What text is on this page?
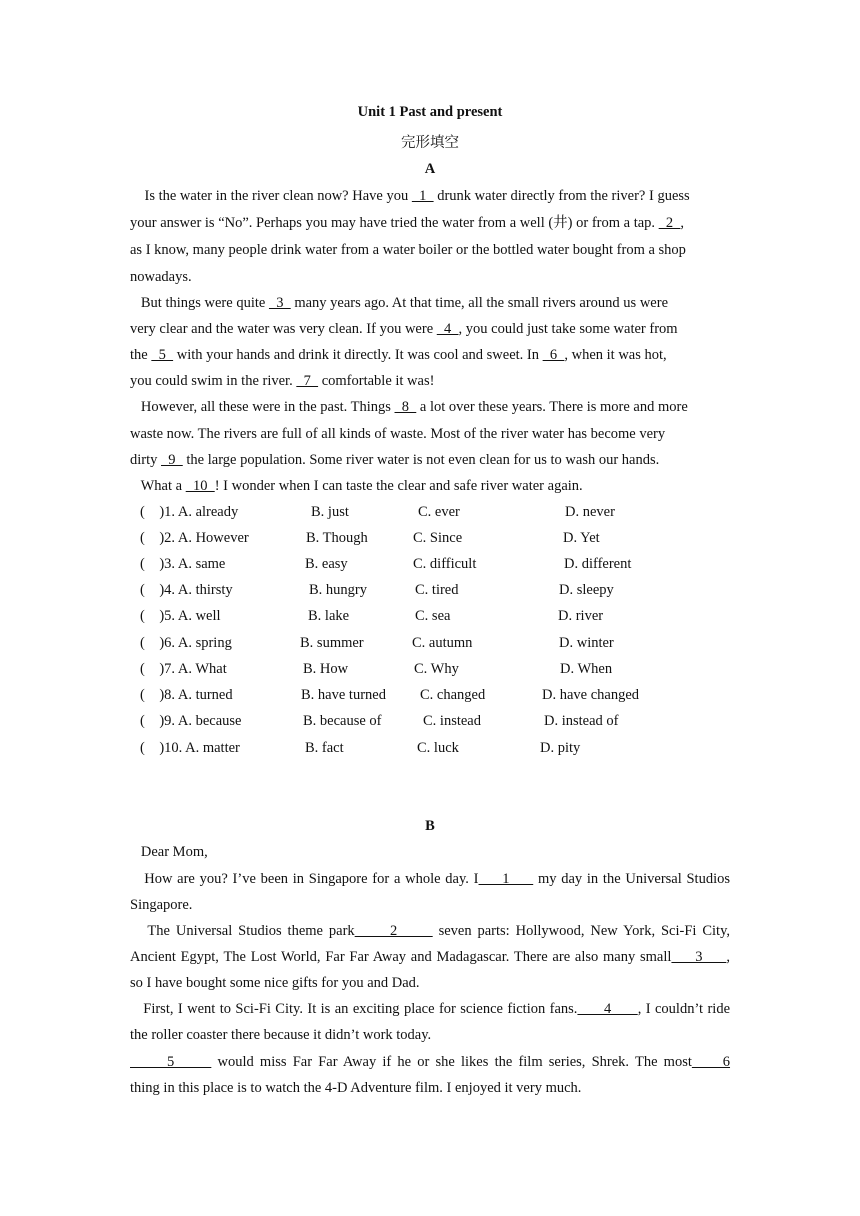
Unit 1 Past and present
完形填空
A
Is the water in the river clean now? Have you   1   drunk water directly from the river? I guess
your answer is “No”. Perhaps you may have tried the water from a well (井) or from a tap.   2  ,
as I know, many people drink water from a water boiler or the bottled water bought from a shop
nowadays.
But things were quite   3   many years ago. At that time, all the small rivers around us were
very clear and the water was very clean. If you were   4  , you could just take some water from
the   5   with your hands and drink it directly. It was cool and sweet. In   6  , when it was hot,
you could swim in the river.   7   comfortable it was!
However, all these were in the past. Things   8   a lot over these years. There is more and more
waste now. The rivers are full of all kinds of waste. Most of the river water has become very
dirty   9   the large population. Some river water is not even clean for us to wash our hands.
What a   10  ! I wonder when I can taste the clear and safe river water again.
(    )1. A. already	B. just	C. ever	D. never
(    )2. A. However	B. Though	C. Since	D. Yet
(    )3. A. same	B. easy	C. difficult	D. different
(    )4. A. thirsty	B. hungry	C. tired	D. sleepy
(    )5. A. well	B. lake	C. sea	D. river
(    )6. A. spring	B. summer	C. autumn	D. winter
(    )7. A. What	B. How	C. Why	D. When
(    )8. A. turned	B. have turned C. changed	D. have changed
(    )9. A. because	B. because of	C. instead	D. instead of
(    )10. A. matter	B. fact	C. luck	D. pity
B
Dear Mom,
How are you? I’ve been in Singapore for a whole day. I     1      my day in the Universal Studios
Singapore.
The Universal Studios theme park      2       seven parts: Hollywood, New York, Sci-Fi City,
Ancient Egypt, The Lost World, Far Far Away and Madagascar. There are also many small     3     ,
so I have bought some nice gifts for you and Dad.
First, I went to Sci-Fi City. It is an exciting place for science fiction fans.      4      , I couldn’t ride
the roller coaster there because it didn’t work today.
5       would miss Far Far Away if he or she likes the film series, Shrek. The most     6
thing in this place is to watch the 4-D Adventure film. I enjoyed it very much.
